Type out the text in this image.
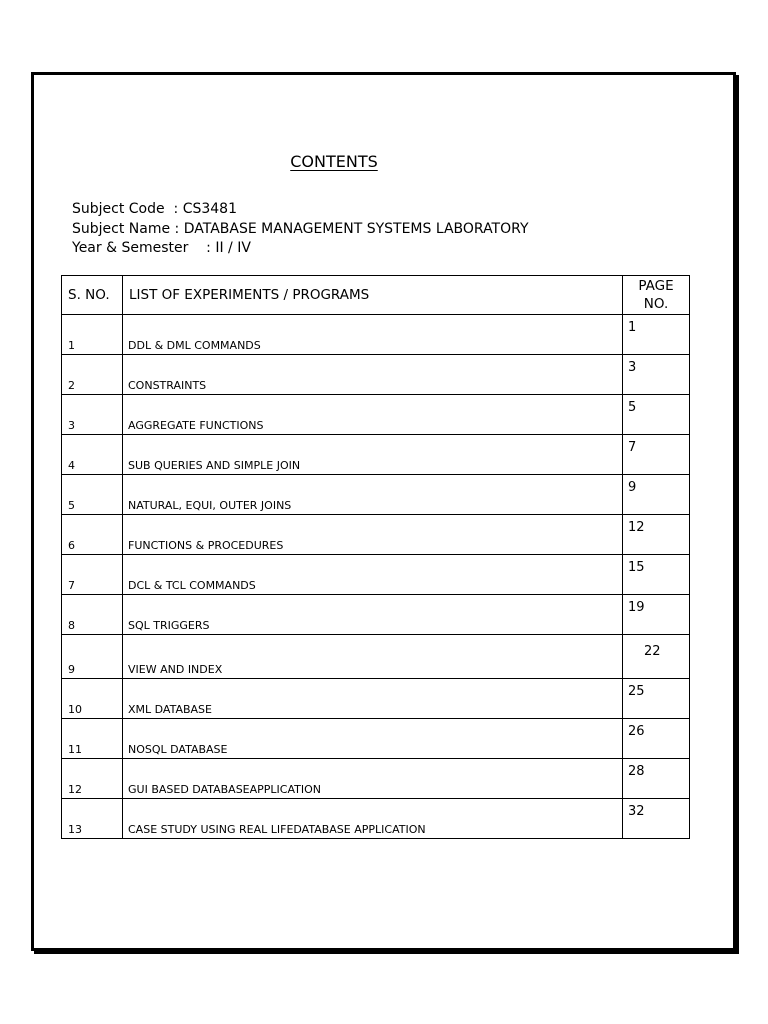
CONTENTS
Subject Code  : CS3481
Subject Name : DATABASE MANAGEMENT SYSTEMS LABORATORY
Year & Semester    : II / IV
S. NO.	LIST OF EXPERIMENTS / PROGRAMS	PAGE
NO.

1	DDL & DML COMMANDS	1
2	CONSTRAINTS	3
3	AGGREGATE FUNCTIONS	5
4	SUB QUERIES AND SIMPLE JOIN	7
5	NATURAL, EQUI, OUTER JOINS	9
6	FUNCTIONS & PROCEDURES	12
7	DCL & TCL COMMANDS	15
8	SQL TRIGGERS	19
9	VIEW AND INDEX	22
10	XML DATABASE	25
11	NOSQL DATABASE	26
12	GUI BASED DATABASEAPPLICATION	28
13	CASE STUDY USING REAL LIFEDATABASE APPLICATION	32
